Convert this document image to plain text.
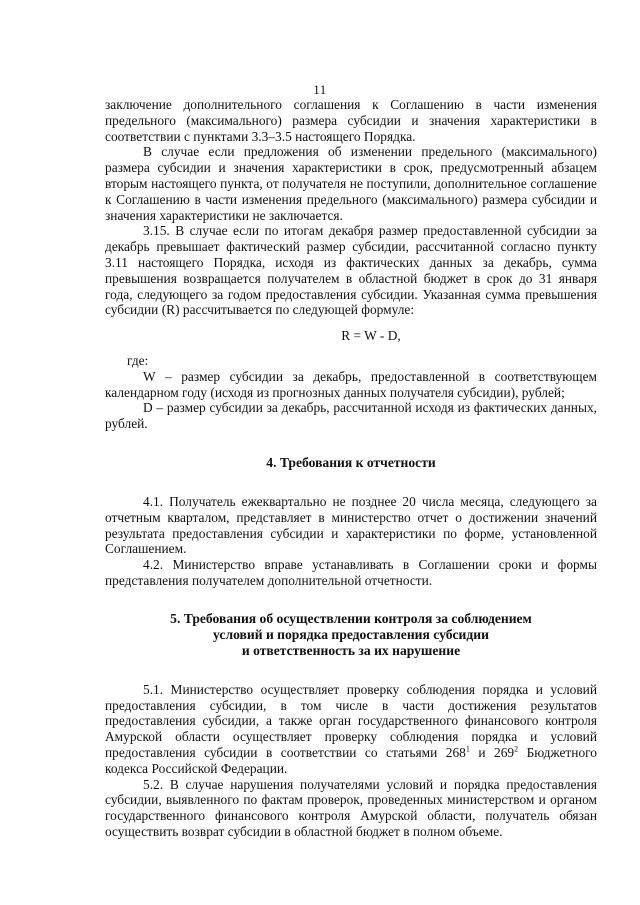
11

заключение дополнительного соглашения к Соглашению в части изменения предельного (максимального) размера субсидии и значения характеристики в соответствии с пунктами 3.3–3.5 настоящего Порядка.

В случае если предложения об изменении предельного (максимального) размера субсидии и значения характеристики в срок, предусмотренный абзацем вторым настоящего пункта, от получателя не поступили, дополнительное соглашение к Соглашению в части изменения предельного (максимального) размера субсидии и значения характеристики не заключается.

3.15. В случае если по итогам декабря размер предоставленной субсидии за декабрь превышает фактический размер субсидии, рассчитанной согласно пункту 3.11 настоящего Порядка, исходя из фактических данных за декабрь, сумма превышения возвращается получателем в областной бюджет в срок до 31 января года, следующего за годом предоставления субсидии. Указанная сумма превышения субсидии (R) рассчитывается по следующей формуле:

R = W - D,

где:

W – размер субсидии за декабрь, предоставленной в соответствующем календарном году (исходя из прогнозных данных получателя субсидии), рублей;

D – размер субсидии за декабрь, рассчитанной исходя из фактических данных, рублей.

4. Требования к отчетности

4.1. Получатель ежеквартально не позднее 20 числа месяца, следующего за отчетным кварталом, представляет в министерство отчет о достижении значений результата предоставления субсидии и характеристики по форме, установленной Соглашением.

4.2. Министерство вправе устанавливать в Соглашении сроки и формы представления получателем дополнительной отчетности.

5. Требования об осуществлении контроля за соблюдением
условий и порядка предоставления субсидии
и ответственность за их нарушение

5.1. Министерство осуществляет проверку соблюдения порядка и условий предоставления субсидии, в том числе в части достижения результатов предоставления субсидии, а также орган государственного финансового контроля Амурской области осуществляет проверку соблюдения порядка и условий предоставления субсидии в соответствии со статьями $268^1$ и $269^2$ Бюджетного кодекса Российской Федерации.

5.2. В случае нарушения получателями условий и порядка предоставления субсидии, выявленного по фактам проверок, проведенных министерством и органом государственного финансового контроля Амурской области, получатель обязан осуществить возврат субсидии в областной бюджет в полном объеме.
